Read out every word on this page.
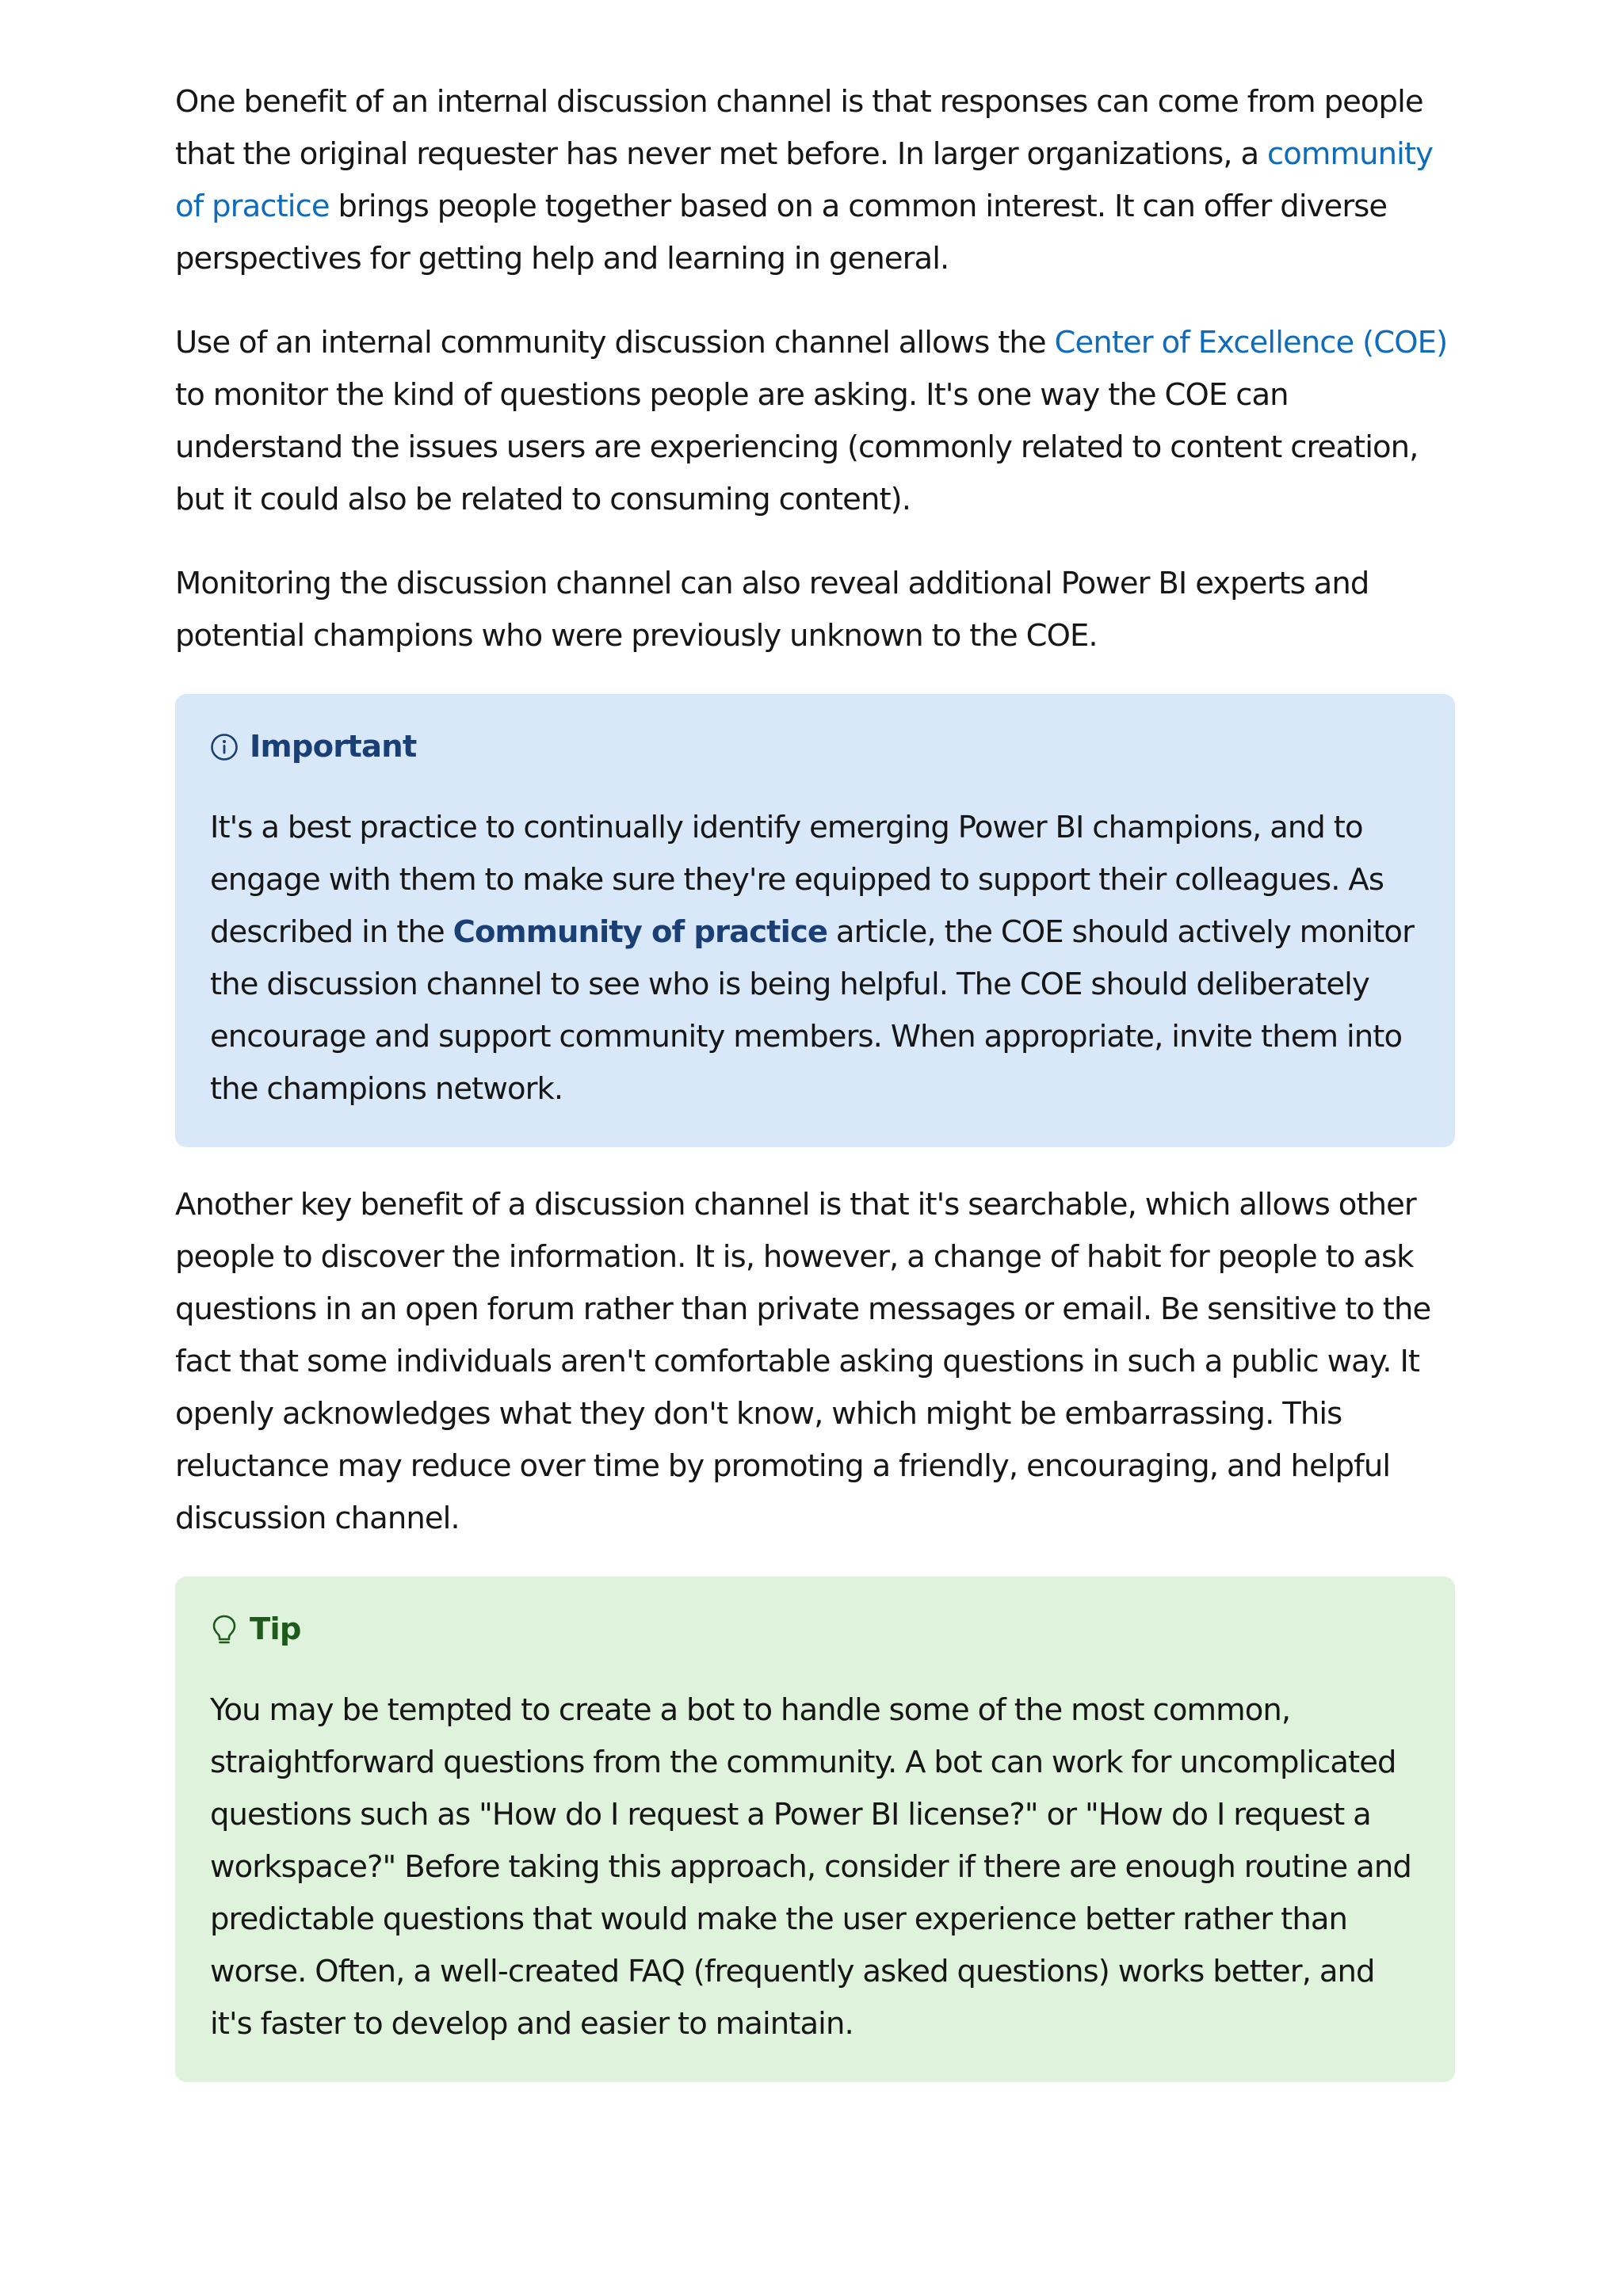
One benefit of an internal discussion channel is that responses can come from people that the original requester has never met before. In larger organizations, a community of practice brings people together based on a common interest. It can offer diverse perspectives for getting help and learning in general.

Use of an internal community discussion channel allows the Center of Excellence (COE) to monitor the kind of questions people are asking. It's one way the COE can understand the issues users are experiencing (commonly related to content creation, but it could also be related to consuming content).

Monitoring the discussion channel can also reveal additional Power BI experts and potential champions who were previously unknown to the COE.

Important

It's a best practice to continually identify emerging Power BI champions, and to engage with them to make sure they're equipped to support their colleagues. As described in the Community of practice article, the COE should actively monitor the discussion channel to see who is being helpful. The COE should deliberately encourage and support community members. When appropriate, invite them into the champions network.

Another key benefit of a discussion channel is that it's searchable, which allows other people to discover the information. It is, however, a change of habit for people to ask questions in an open forum rather than private messages or email. Be sensitive to the fact that some individuals aren't comfortable asking questions in such a public way. It openly acknowledges what they don't know, which might be embarrassing. This reluctance may reduce over time by promoting a friendly, encouraging, and helpful discussion channel.

Tip

You may be tempted to create a bot to handle some of the most common, straightforward questions from the community. A bot can work for uncomplicated questions such as "How do I request a Power BI license?" or "How do I request a workspace?" Before taking this approach, consider if there are enough routine and predictable questions that would make the user experience better rather than worse. Often, a well-created FAQ (frequently asked questions) works better, and it's faster to develop and easier to maintain.
